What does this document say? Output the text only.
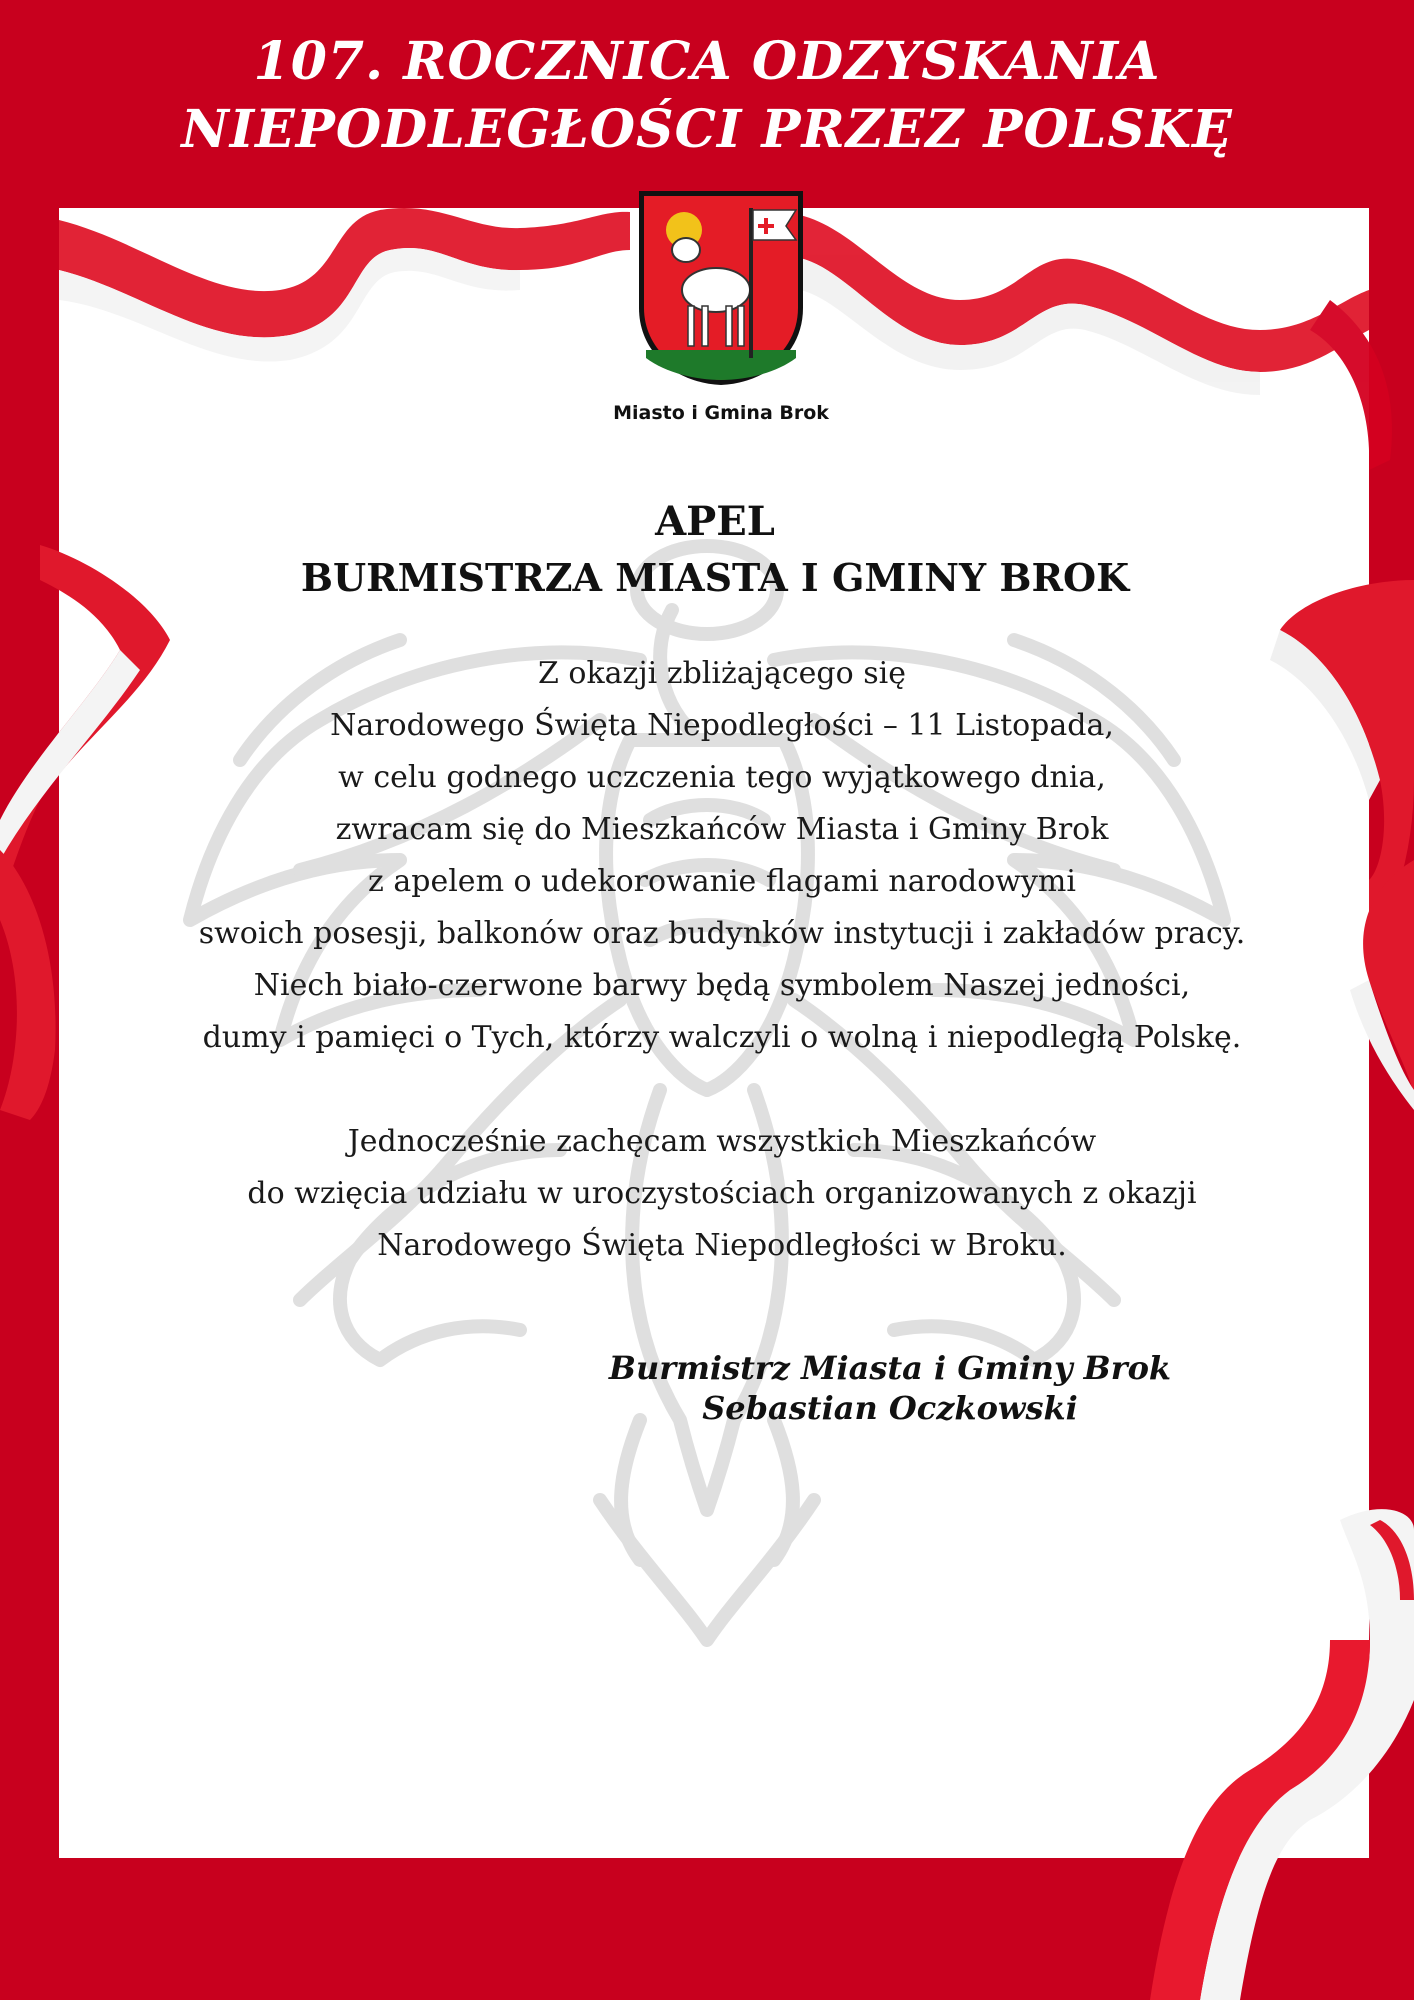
107. ROCZNICA ODZYSKANIA
NIEPODLEGŁOŚCI PRZEZ POLSKĘ
Miasto i Gmina Brok
APEL
BURMISTRZA MIASTA I GMINY BROK
Z okazji zbliżającego się
Narodowego Święta Niepodległości – 11 Listopada,
w celu godnego uczczenia tego wyjątkowego dnia,
zwracam się do Mieszkańców Miasta i Gminy Brok
z apelem o udekorowanie flagami narodowymi
swoich posesji, balkonów oraz budynków instytucji i zakładów pracy.
Niech biało-czerwone barwy będą symbolem Naszej jedności,
dumy i pamięci o Tych, którzy walczyli o wolną i niepodległą Polskę.
Jednocześnie zachęcam wszystkich Mieszkańców
do wzięcia udziału w uroczystościach organizowanych z okazji
Narodowego Święta Niepodległości w Broku.
Burmistrz Miasta i Gminy Brok
Sebastian Oczkowski
